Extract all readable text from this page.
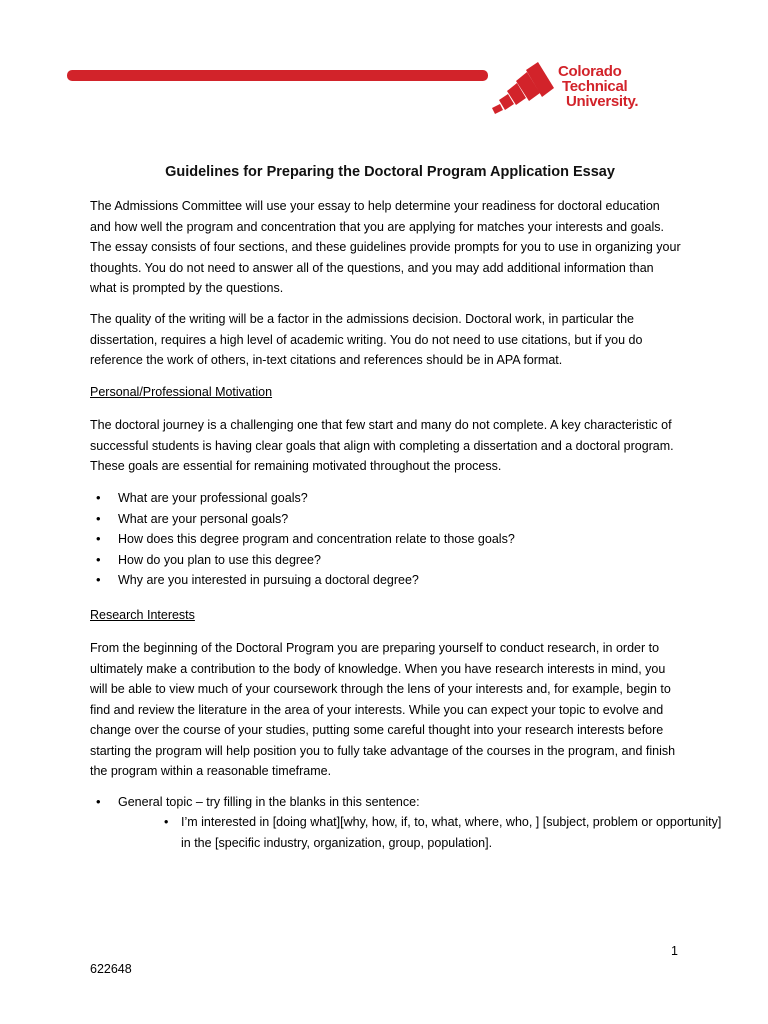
Colorado
Technical
University.
Guidelines for Preparing the Doctoral Program Application Essay

The Admissions Committee will use your essay to help determine your readiness for doctoral education and how well the program and concentration that you are applying for matches your interests and goals. The essay consists of four sections, and these guidelines provide prompts for you to use in organizing your thoughts. You do not need to answer all of the questions, and you may add additional information than what is prompted by the questions.

The quality of the writing will be a factor in the admissions decision. Doctoral work, in particular the dissertation, requires a high level of academic writing. You do not need to use citations, but if you do reference the work of others, in-text citations and references should be in APA format.

Personal/Professional Motivation

The doctoral journey is a challenging one that few start and many do not complete. A key characteristic of successful students is having clear goals that align with completing a dissertation and a doctoral program. These goals are essential for remaining motivated throughout the process.

• What are your professional goals?
• What are your personal goals?
• How does this degree program and concentration relate to those goals?
• How do you plan to use this degree?
• Why are you interested in pursuing a doctoral degree?
Research Interests

From the beginning of the Doctoral Program you are preparing yourself to conduct research, in order to ultimately make a contribution to the body of knowledge. When you have research interests in mind, you will be able to view much of your coursework through the lens of your interests and, for example, begin to find and review the literature in the area of your interests. While you can expect your topic to evolve and change over the course of your studies, putting some careful thought into your research interests before starting the program will help position you to fully take advantage of the courses in the program, and finish the program within a reasonable timeframe.

• General topic – try filling in the blanks in this sentence:
• I’m interested in [doing what][why, how, if, to, what, where, who, ] [subject, problem or opportunity] in the [specific industry, organization, group, population].
1
622648
